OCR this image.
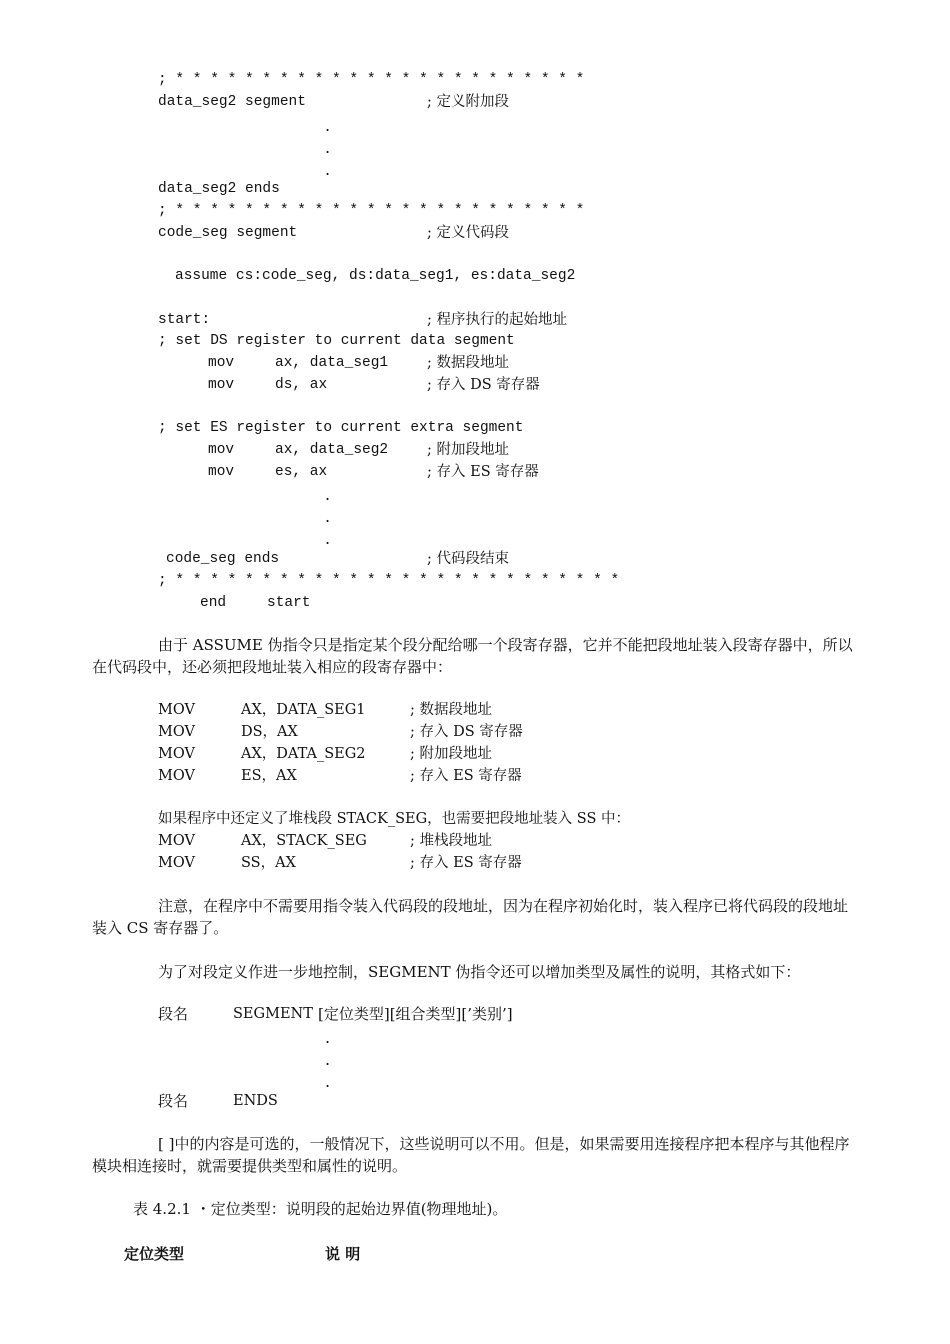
; * * * * * * * * * * * * * * * * * * * * * * * *
data_seg2 segment	; 定义附加段
.
.
.
data_seg2 ends
; * * * * * * * * * * * * * * * * * * * * * * * *
code_seg segment	; 定义代码段
assume cs:code_seg, ds:data_seg1, es:data_seg2
start:	; 程序执行的起始地址
; set DS register to current data segment
mov	ax, data_seg1	; 数据段地址
mov	ds, ax	; 存入 DS 寄存器
; set ES register to current extra segment
mov	ax, data_seg2	; 附加段地址
mov	es, ax	; 存入 ES 寄存器
.
.
.
code_seg ends	; 代码段结束
; * * * * * * * * * * * * * * * * * * * * * * * * * *
end	start
由于 ASSUME 伪指令只是指定某个段分配给哪一个段寄存器，它并不能把段地址装入段寄存器中，所以在代码段中，还必须把段地址装入相应的段寄存器中：
MOV	AX，DATA_SEG1	; 数据段地址
MOV	DS，AX	; 存入 DS 寄存器
MOV	AX，DATA_SEG2	; 附加段地址
MOV	ES，AX	; 存入 ES 寄存器
如果程序中还定义了堆栈段 STACK_SEG，也需要把段地址装入 SS 中：
MOV	AX，STACK_SEG	; 堆栈段地址
MOV	SS，AX	; 存入 ES 寄存器
注意，在程序中不需要用指令装入代码段的段地址，因为在程序初始化时，装入程序已将代码段的段地址装入 CS 寄存器了。
为了对段定义作进一步地控制，SEGMENT 伪指令还可以增加类型及属性的说明，其格式如下：
段名	SEGMENT [定位类型][组合类型][’类别’]
.
.
.
段名	ENDS
[ ]中的内容是可选的，一般情况下，这些说明可以不用。但是，如果需要用连接程序把本程序与其他程序模块相连接时，就需要提供类型和属性的说明。
表 4.2.1 ・定位类型：说明段的起始边界值(物理地址)。
定位类型	说 明
